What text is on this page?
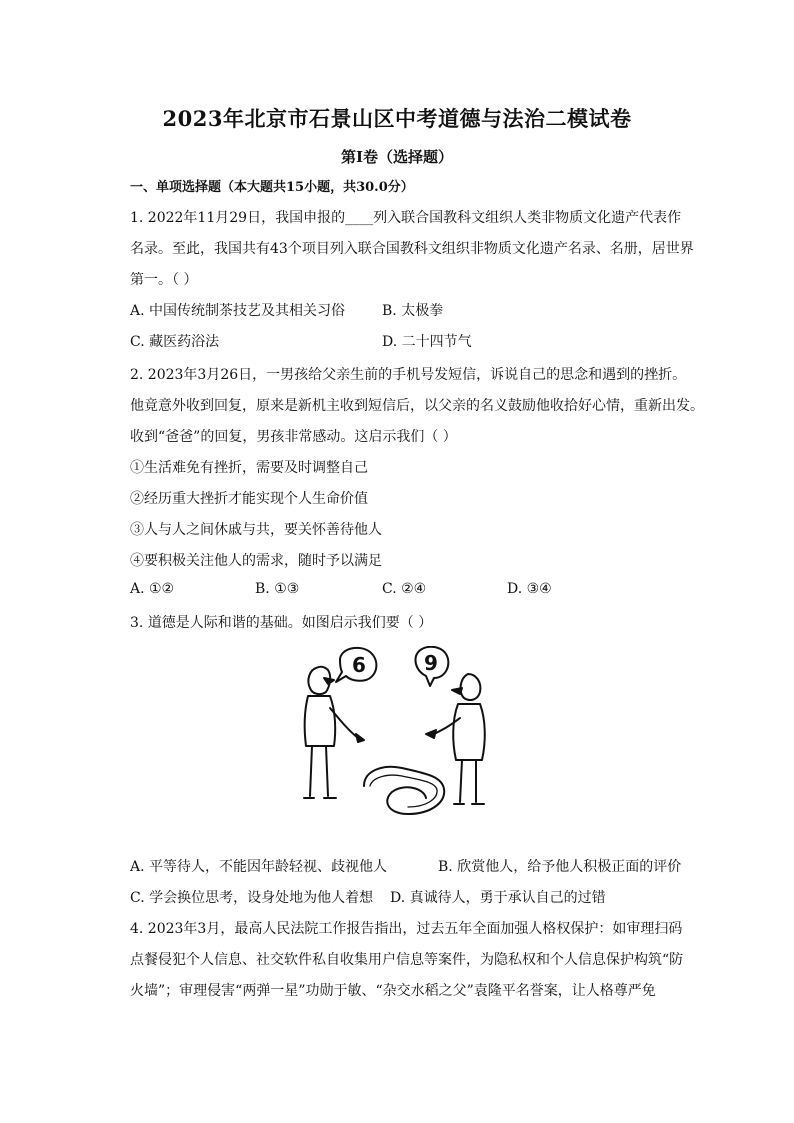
2023年北京市石景山区中考道德与法治二模试卷
第I卷（选择题）
一、单项选择题（本大题共15小题，共30.0分）
1. 2022年11月29日，我国申报的____列入联合国教科文组织人类非物质文化遗产代表作
名录。至此，我国共有43个项目列入联合国教科文组织非物质文化遗产名录、名册，居世界
第一。（ ）
A. 中国传统制茶技艺及其相关习俗	B. 太极拳
C. 藏医药浴法	D. 二十四节气
2. 2023年3月26日，一男孩给父亲生前的手机号发短信，诉说自己的思念和遇到的挫折。
他竟意外收到回复，原来是新机主收到短信后，以父亲的名义鼓励他收拾好心情，重新出发。
收到“爸爸”的回复，男孩非常感动。这启示我们（ ）
①生活难免有挫折，需要及时调整自己
②经历重大挫折才能实现个人生命价值
③人与人之间休戚与共，要关怀善待他人
④要积极关注他人的需求，随时予以满足
A. ①②	B. ①③	C. ②④	D. ③④
3. 道德是人际和谐的基础。如图启示我们要（ ）
6	9
A. 平等待人，不能因年龄轻视、歧视他人	B. 欣赏他人，给予他人积极正面的评价
C. 学会换位思考，设身处地为他人着想 D. 真诚待人，勇于承认自己的过错
4. 2023年3月，最高人民法院工作报告指出，过去五年全面加强人格权保护：如审理扫码
点餐侵犯个人信息、社交软件私自收集用户信息等案件，为隐私权和个人信息保护构筑“防
火墙”；审理侵害“两弹一星”功勋于敏、“杂交水稻之父”袁隆平名誉案，让人格尊严免
